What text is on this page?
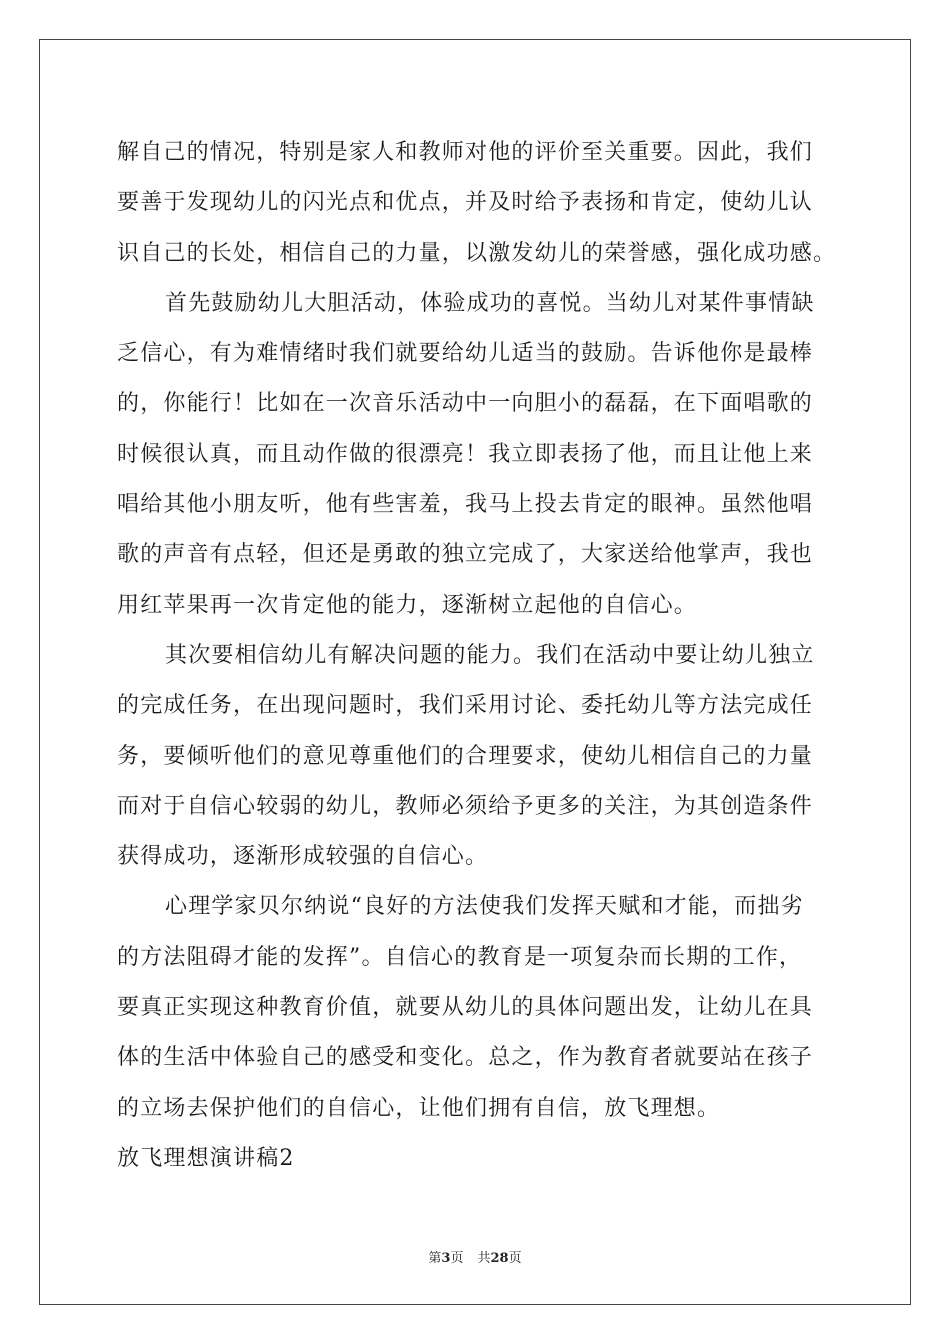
解自己的情况，特别是家人和教师对他的评价至关重要。因此，我们
要善于发现幼儿的闪光点和优点，并及时给予表扬和肯定，使幼儿认
识自己的长处，相信自己的力量，以激发幼儿的荣誉感，强化成功感。
首先鼓励幼儿大胆活动，体验成功的喜悦。当幼儿对某件事情缺
乏信心，有为难情绪时我们就要给幼儿适当的鼓励。告诉他你是最棒
的，你能行！比如在一次音乐活动中一向胆小的磊磊，在下面唱歌的
时候很认真，而且动作做的很漂亮！我立即表扬了他，而且让他上来
唱给其他小朋友听，他有些害羞，我马上投去肯定的眼神。虽然他唱
歌的声音有点轻，但还是勇敢的独立完成了，大家送给他掌声，我也
用红苹果再一次肯定他的能力，逐渐树立起他的自信心。
其次要相信幼儿有解决问题的能力。我们在活动中要让幼儿独立
的完成任务，在出现问题时，我们采用讨论、委托幼儿等方法完成任
务，要倾听他们的意见尊重他们的合理要求，使幼儿相信自己的力量
而对于自信心较弱的幼儿，教师必须给予更多的关注，为其创造条件
获得成功，逐渐形成较强的自信心。
心理学家贝尔纳说“良好的方法使我们发挥天赋和才能，而拙劣
的方法阻碍才能的发挥”。自信心的教育是一项复杂而长期的工作，
要真正实现这种教育价值，就要从幼儿的具体问题出发，让幼儿在具
体的生活中体验自己的感受和变化。总之，作为教育者就要站在孩子
的立场去保护他们的自信心，让他们拥有自信，放飞理想。
放飞理想演讲稿2
第3页 共28页
